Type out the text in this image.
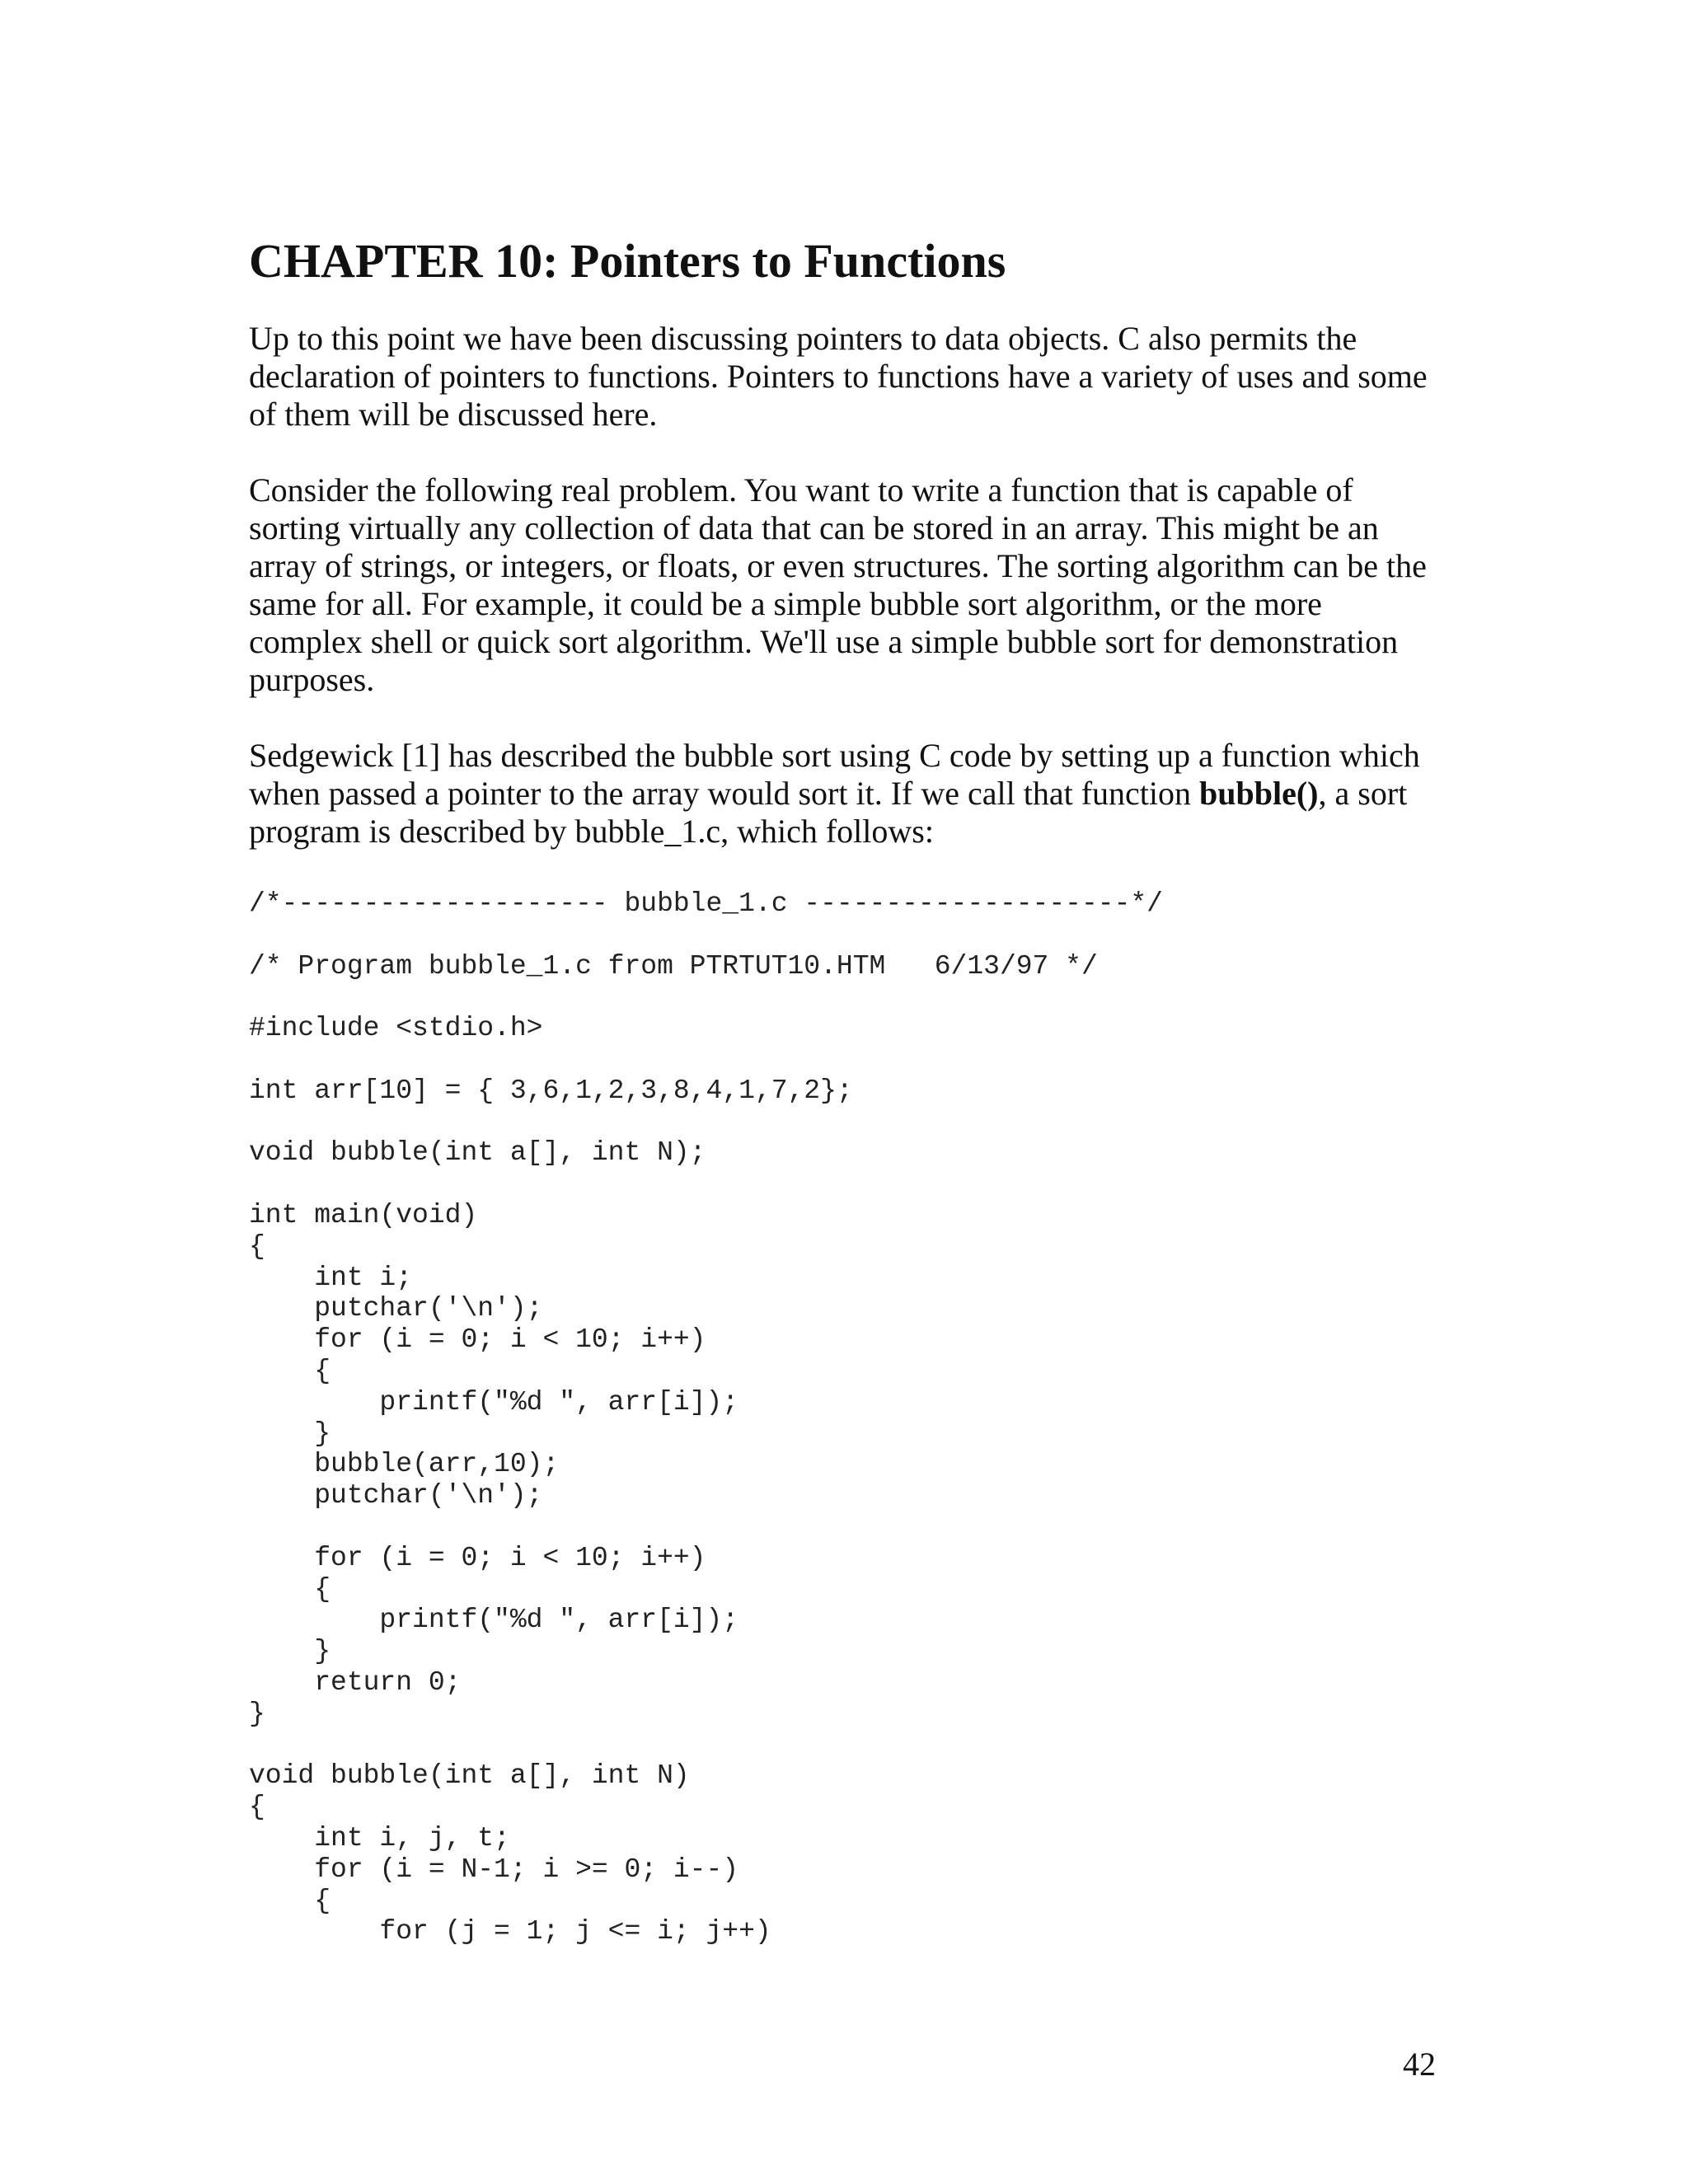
CHAPTER 10: Pointers to Functions

Up to this point we have been discussing pointers to data objects. C also permits the
declaration of pointers to functions. Pointers to functions have a variety of uses and some
of them will be discussed here.

Consider the following real problem. You want to write a function that is capable of
sorting virtually any collection of data that can be stored in an array. This might be an
array of strings, or integers, or floats, or even structures. The sorting algorithm can be the
same for all. For example, it could be a simple bubble sort algorithm, or the more
complex shell or quick sort algorithm. We'll use a simple bubble sort for demonstration
purposes.

Sedgewick [1] has described the bubble sort using C code by setting up a function which
when passed a pointer to the array would sort it. If we call that function bubble(), a sort
program is described by bubble_1.c, which follows:

/*-------------------- bubble_1.c --------------------*/

/* Program bubble_1.c from PTRTUT10.HTM   6/13/97 */

#include <stdio.h>

int arr[10] = { 3,6,1,2,3,8,4,1,7,2};

void bubble(int a[], int N);

int main(void)
{
int i;
putchar('\n');
for (i = 0; i < 10; i++)
{
printf("%d ", arr[i]);
}
bubble(arr,10);
putchar('\n');

for (i = 0; i < 10; i++)
{
printf("%d ", arr[i]);
}
return 0;
}

void bubble(int a[], int N)
{
int i, j, t;
for (i = N-1; i >= 0; i--)
{
for (j = 1; j <= i; j++)
42
